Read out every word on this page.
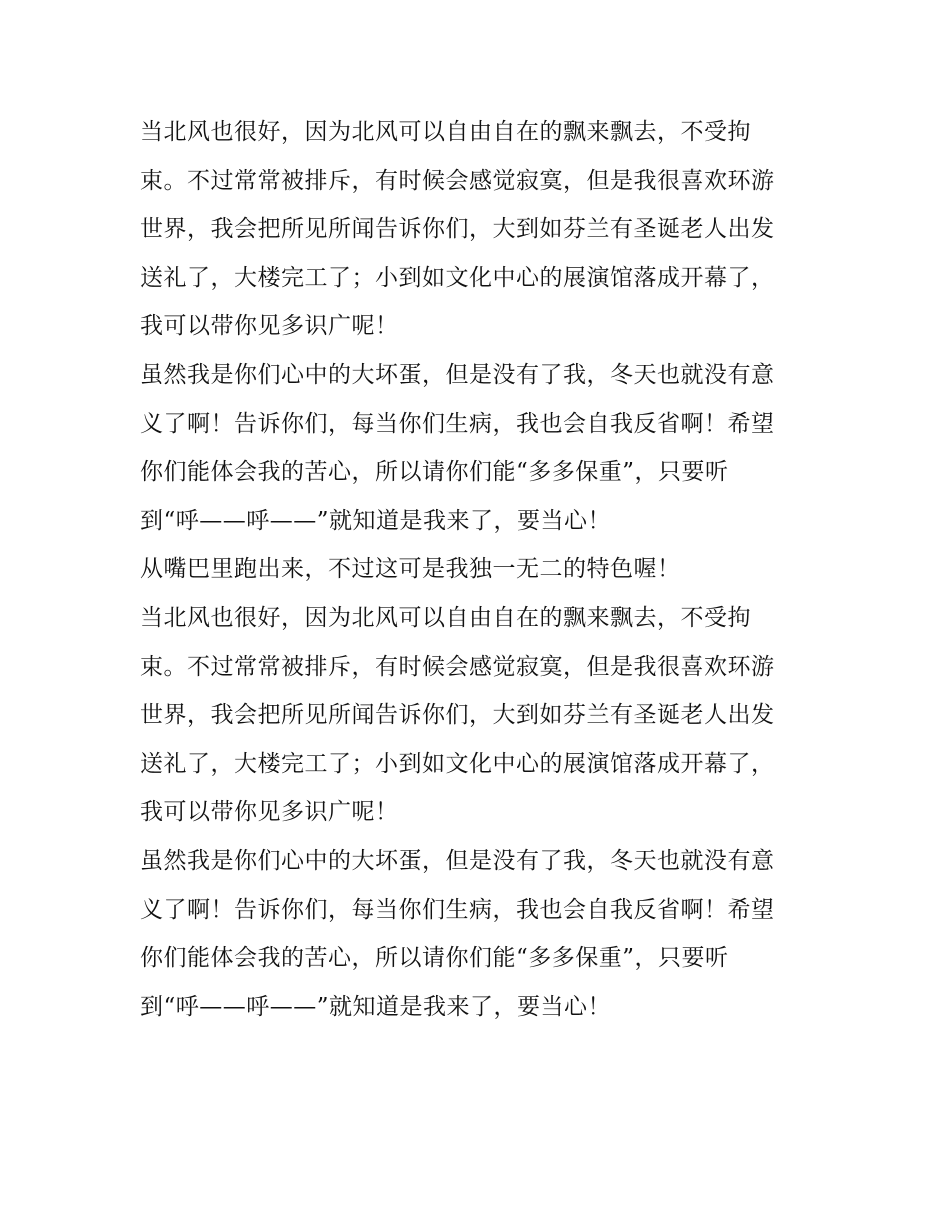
当北风也很好，因为北风可以自由自在的飘来飘去，不受拘
束。不过常常被排斥，有时候会感觉寂寞，但是我很喜欢环游
世界，我会把所见所闻告诉你们，大到如芬兰有圣诞老人出发
送礼了，大楼完工了；小到如文化中心的展演馆落成开幕了，
我可以带你见多识广呢！
虽然我是你们心中的大坏蛋，但是没有了我，冬天也就没有意
义了啊！告诉你们，每当你们生病，我也会自我反省啊！希望
你们能体会我的苦心，所以请你们能“多多保重”，只要听
到“呼——呼——”就知道是我来了，要当心！
从嘴巴里跑出来，不过这可是我独一无二的特色喔！
当北风也很好，因为北风可以自由自在的飘来飘去，不受拘
束。不过常常被排斥，有时候会感觉寂寞，但是我很喜欢环游
世界，我会把所见所闻告诉你们，大到如芬兰有圣诞老人出发
送礼了，大楼完工了；小到如文化中心的展演馆落成开幕了，
我可以带你见多识广呢！
虽然我是你们心中的大坏蛋，但是没有了我，冬天也就没有意
义了啊！告诉你们，每当你们生病，我也会自我反省啊！希望
你们能体会我的苦心，所以请你们能“多多保重”，只要听
到“呼——呼——”就知道是我来了，要当心！
